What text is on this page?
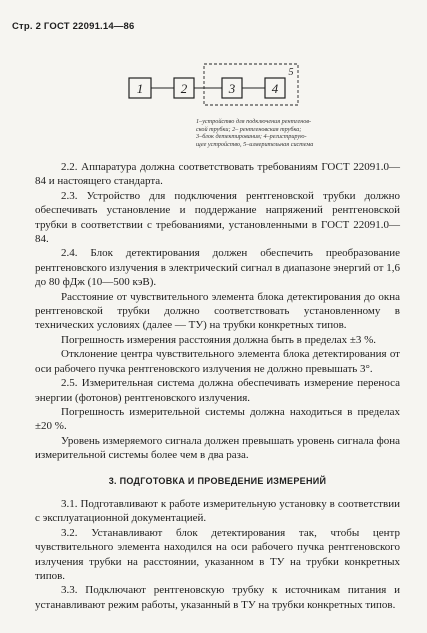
Стр. 2 ГОСТ 22091.14—86
1	2	3	4
5
1–устройство для подключения рентгенов-
ской трубки; 2– рентгеновская трубка;
3–блок детектирования; 4–регистрирую-
щее устройство, 5–измерительная система

2.2. Аппаратура должна соответствовать требованиям ГОСТ 22091.0—84 и настоящего стандарта.

2.3. Устройство для подключения рентгеновской трубки должно обеспечивать установление и поддержание напряжений рентгеновской трубки в соответствии с требованиями, установленными в ГОСТ 22091.0—84.

2.4. Блок детектирования должен обеспечить преобразование рентгеновского излучения в электрический сигнал в диапазоне энергий от 1,6 до 80 фДж (10—500 кэВ).

Расстояние от чувствительного элемента блока детектирования до окна рентгеновской трубки должно соответствовать установленному в технических условиях (далее — ТУ) на трубки конкретных типов.

Погрешность измерения расстояния должна быть в пределах ±3 %.

Отклонение центра чувствительного элемента блока детектирования от оси рабочего пучка рентгеновского излучения не должно превышать 3°.

2.5. Измерительная система должна обеспечивать измерение переноса энергии (фотонов) рентгеновского излучения.

Погрешность измерительной системы должна находиться в пределах ±20 %.

Уровень измеряемого сигнала должен превышать уровень сигнала фона измерительной системы более чем в два раза.

3. ПОДГОТОВКА И ПРОВЕДЕНИЕ ИЗМЕРЕНИЙ

3.1. Подготавливают к работе измерительную установку в соответствии с эксплуатационной документацией.

3.2. Устанавливают блок детектирования так, чтобы центр чувствительного элемента находился на оси рабочего пучка рентгеновского излучения трубки на расстоянии, указанном в ТУ на трубки конкретных типов.

3.3. Подключают рентгеновскую трубку к источникам питания и устанавливают режим работы, указанный в ТУ на трубки конкретных типов.
